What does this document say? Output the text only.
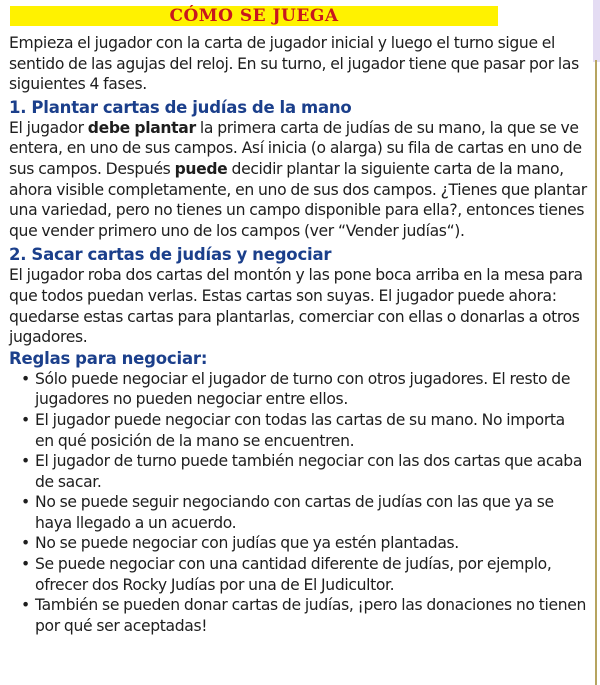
CÓMO SE JUEGA

Empieza el jugador con la carta de jugador inicial y luego el turno sigue el sentido de las agujas del reloj. En su turno, el jugador tiene que pasar por las siguientes 4 fases.

1. Plantar cartas de judías de la mano

El jugador debe plantar la primera carta de judías de su mano, la que se ve entera, en uno de sus campos. Así inicia (o alarga) su fila de cartas en uno de sus campos. Después puede decidir plantar la siguiente carta de la mano, ahora visible completamente, en uno de sus dos campos. ¿Tienes que plantar una variedad, pero no tienes un campo disponible para ella?, entonces tienes que vender primero uno de los campos (ver “Vender judías“).

2. Sacar cartas de judías y negociar

El jugador roba dos cartas del montón y las pone boca arriba en la mesa para que todos puedan verlas. Estas cartas son suyas. El jugador puede ahora: quedarse estas cartas para plantarlas, comerciar con ellas o donarlas a otros jugadores.

Reglas para negociar:
• Sólo puede negociar el jugador de turno con otros jugadores. El resto de jugadores no pueden negociar entre ellos.
• El jugador puede negociar con todas las cartas de su mano. No importa en qué posición de la mano se encuentren.
• El jugador de turno puede también negociar con las dos cartas que acaba de sacar.
• No se puede seguir negociando con cartas de judías con las que ya se haya llegado a un acuerdo.
• No se puede negociar con judías que ya estén plantadas.
• Se puede negociar con una cantidad diferente de judías, por ejemplo, ofrecer dos Rocky Judías por una de El Judicultor.
• También se pueden donar cartas de judías, ¡pero las donaciones no tienen por qué ser aceptadas!
